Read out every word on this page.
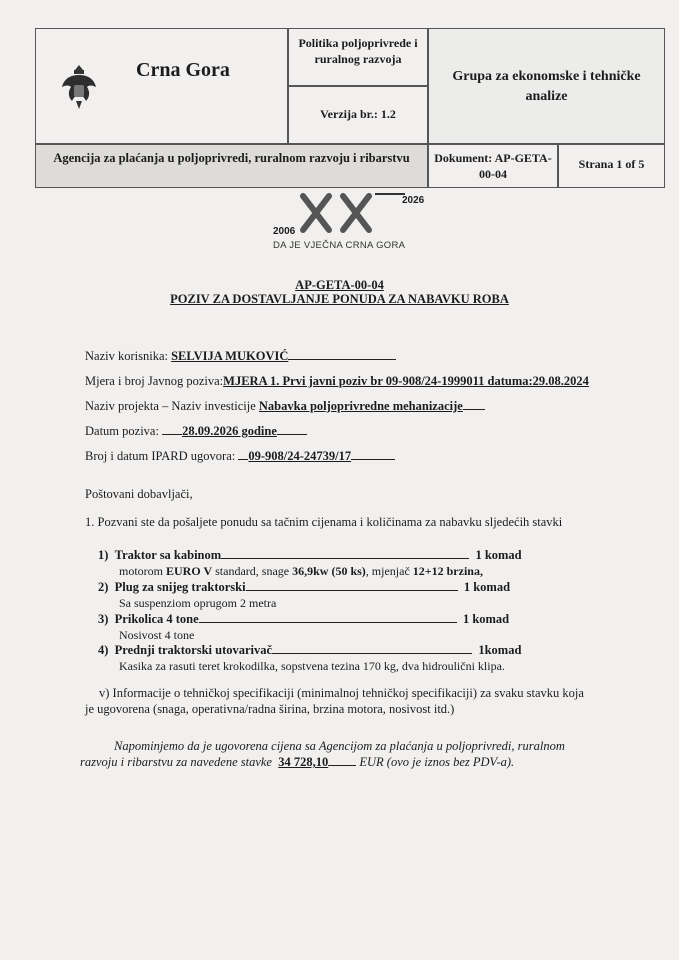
Crna Gora
Politika poljoprivrede i ruralnog razvoja
Verzija br.: 1.2
Grupa za ekonomske i tehničke analize
Agencija za plaćanja u poljoprivredi, ruralnom razvoju i ribarstvu	Dokument: AP-GETA-00-04
Strana 1 of 5
2006
2026
DA JE VJEČNA CRNA GORA
AP-GETA-00-04
POZIV ZA DOSTAVLJANJE PONUDA ZA NABAVKU ROBA
Naziv korisnika: SELVIJA MUKOVIĆ
Mjera i broj Javnog poziva:MJERA 1. Prvi javni poziv br 09-908/24-1999011 datuma:29.08.2024
Naziv projekta – Naziv investicije Nabavka poljoprivredne mehanizacije
Datum poziva: 28.09.2026 godine
Broj i datum IPARD ugovora: 09-908/24-24739/17
Poštovani dobavljači,
1. Pozvani ste da pošaljete ponudu sa tačnim cijenama i količinama za nabavku sljedećih stavki
1) Traktor sa kabinom	1 komad
motorom EURO V standard, snage 36,9kw (50 ks), mjenjač 12+12 brzina,
2) Plug za snijeg traktorski	1 komad
Sa suspenziom oprugom 2 metra
3) Prikolica 4 tone	1 komad
Nosivost 4 tone
4) Prednji traktorski utovarivač	1komad
Kasika za rasuti teret krokodilka, sopstvena tezina 170 kg, dva hidroulični klipa.
v) Informacije o tehničkoj specifikaciji (minimalnoj tehničkoj specifikaciji) za svaku stavku koja
je ugovorena (snaga, operativna/radna širina, brzina motora, nosivost itd.)
Napominjemo da je ugovorena cijena sa Agencijom za plaćanja u poljoprivredi, ruralnom
razvoju i ribarstvu za navedene stavke 34 728,10 EUR (ovo je iznos bez PDV-a).
